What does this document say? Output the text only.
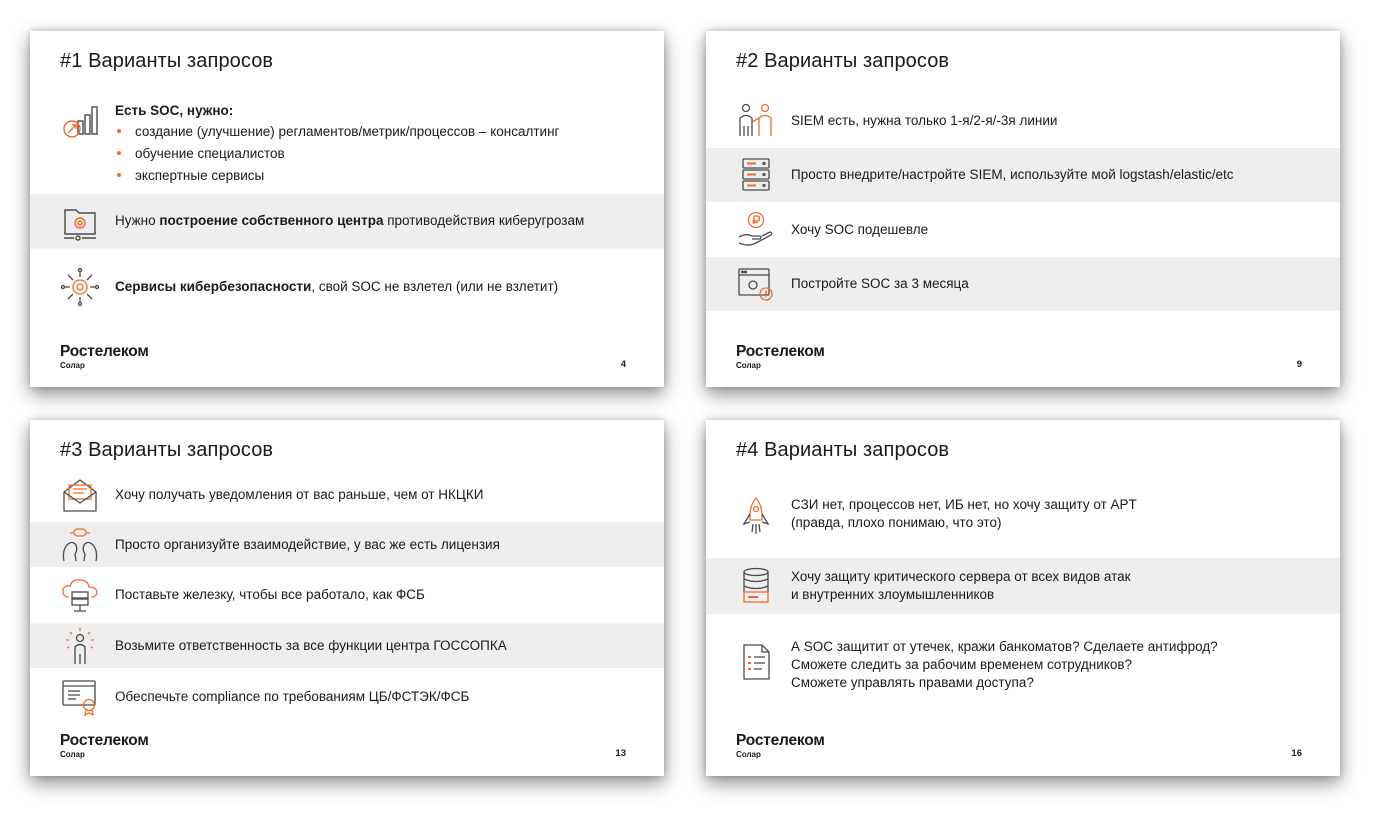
#1 Варианты запросов
Есть SOC, нужно:
создание (улучшение) регламентов/метрик/процессов – консалтинг
обучение специалистов
экспертные сервисы
Нужно построение собственного центра противодействия киберугрозам
Сервисы кибербезопасности, свой SOC не взлетел (или не взлетит)
Ростелеком
Солар	4
#2 Варианты запросов
SIEM есть, нужна только 1-я/2-я/-3я линии
Просто внедрите/настройте SIEM, используйте мой logstash/elastic/etc
Хочу SOC подешевле
Постройте SOC за 3 месяца
Ростелеком
Солар	9
#3 Варианты запросов
Хочу получать уведомления от вас раньше, чем от НКЦКИ
Просто организуйте взаимодействие, у вас же есть лицензия
Поставьте железку, чтобы все работало, как ФСБ
Возьмите ответственность за все функции центра ГОССОПКА
Обеспечьте compliance по требованиям ЦБ/ФСТЭК/ФСБ
Ростелеком
Солар	13
#4 Варианты запросов
СЗИ нет, процессов нет, ИБ нет, но хочу защиту от APT
(правда, плохо понимаю, что это)
Хочу защиту критического сервера от всех видов атак
и внутренних злоумышленников
А SOC защитит от утечек, кражи банкоматов? Сделаете антифрод?
Сможете следить за рабочим временем сотрудников?
Сможете управлять правами доступа?
Ростелеком
Солар	16
